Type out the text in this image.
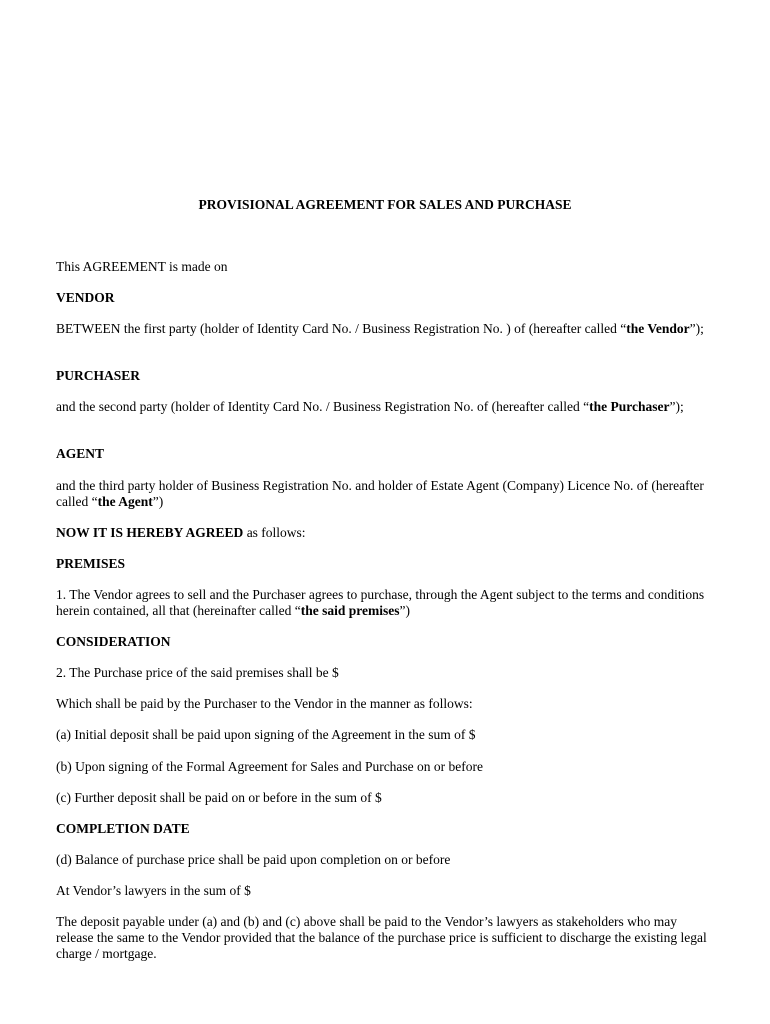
PROVISIONAL AGREEMENT FOR SALES AND PURCHASE

This AGREEMENT is made on

VENDOR

BETWEEN the first party (holder of Identity Card No. / Business Registration No. ) of (hereafter called “the Vendor”);

PURCHASER

and the second party (holder of Identity Card No. / Business Registration No. of (hereafter called “the Purchaser”);

AGENT

and the third party holder of Business Registration No. and holder of Estate Agent (Company) Licence No. of (hereafter called “the Agent”)

NOW IT IS HEREBY AGREED as follows:

PREMISES

1. The Vendor agrees to sell and the Purchaser agrees to purchase, through the Agent subject to the terms and conditions herein contained, all that (hereinafter called “the said premises”)

CONSIDERATION

2. The Purchase price of the said premises shall be $

Which shall be paid by the Purchaser to the Vendor in the manner as follows:

(a) Initial deposit shall be paid upon signing of the Agreement in the sum of $

(b) Upon signing of the Formal Agreement for Sales and Purchase on or before

(c) Further deposit shall be paid on or before in the sum of $

COMPLETION DATE

(d) Balance of purchase price shall be paid upon completion on or before

At Vendor’s lawyers in the sum of $

The deposit payable under (a) and (b) and (c) above shall be paid to the Vendor’s lawyers as stakeholders who may release the same to the Vendor provided that the balance of the purchase price is sufficient to discharge the existing legal charge / mortgage.
